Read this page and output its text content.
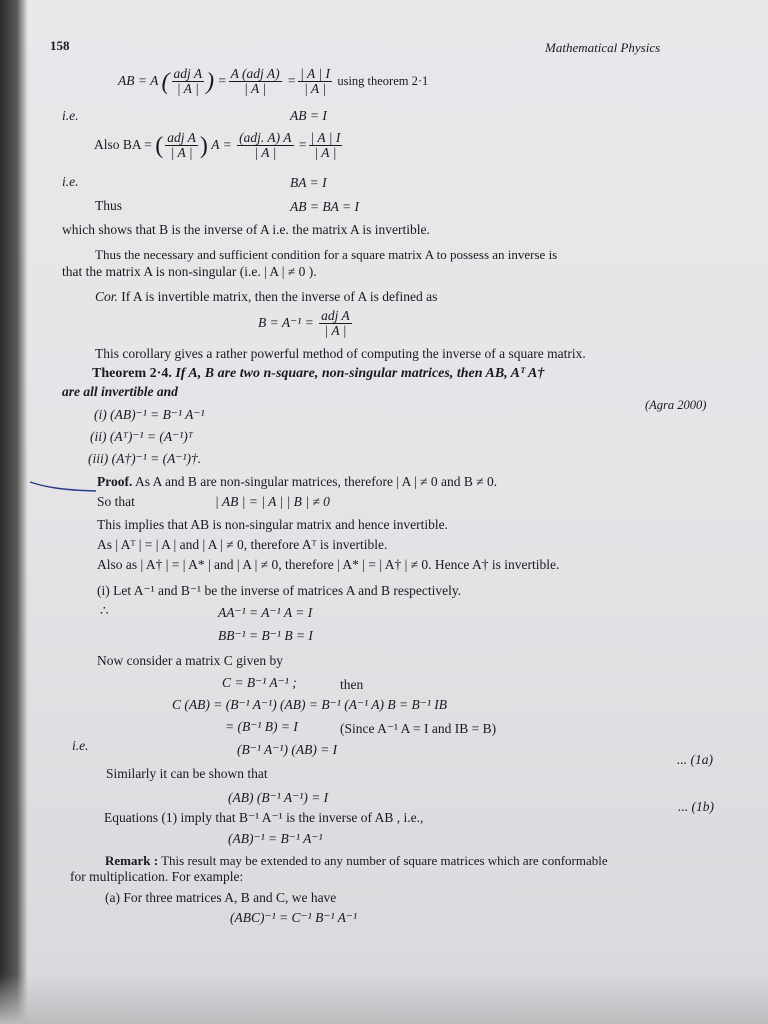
158	Mathematical Physics
AB = A ( $\frac{\text{adj A}}{| A |}$ ) = $\frac{\text{A (adj A)}}{| A |} = \frac{| A | I}{| A |}$ using theorem 2·1
i.e.	AB = I
Also BA = ( $\frac{\text{adj A}}{| A |}$ ) $A = \frac{\text{(adj. A) A}}{| A |} = \frac{| A | I}{| A |}$
i.e.	BA = I
Thus	AB = BA = I
which shows that B is the inverse of A i.e. the matrix A is invertible.
Thus the necessary and sufficient condition for a square matrix A to possess an inverse is
that the matrix A is non-singular (i.e. | A | ≠ 0 ).
Cor. If A is invertible matrix, then the inverse of A is defined as
$B = A^{-1} = \frac{\text{adj A}}{| A |}$
This corollary gives a rather powerful method of computing the inverse of a square matrix.
Theorem 2·4. If A, B are two n-square, non-singular matrices, then AB, Aᵀ A†
are all invertible and
(Agra 2000)
(i) (AB)⁻¹ = B⁻¹ A⁻¹
(ii) (Aᵀ)⁻¹ = (A⁻¹)ᵀ
(iii) (A†)⁻¹ = (A⁻¹)†.
Proof. As A and B are non-singular matrices, therefore | A | ≠ 0 and B ≠ 0.
So that	| AB | = | A | | B | ≠ 0
This implies that AB is non-singular matrix and hence invertible.
As | Aᵀ | = | A | and | A | ≠ 0, therefore Aᵀ is invertible.
Also as | A† | = | A* | and | A | ≠ 0, therefore | A* | = | A† | ≠ 0. Hence A† is invertible.
(i) Let A⁻¹ and B⁻¹ be the inverse of matrices A and B respectively.
∴	AA⁻¹ = A⁻¹ A = I
BB⁻¹ = B⁻¹ B = I
Now consider a matrix C given by
C = B⁻¹ A⁻¹ ;	then
C (AB) = (B⁻¹ A⁻¹) (AB) = B⁻¹ (A⁻¹ A) B = B⁻¹ IB
= (B⁻¹ B) = I	(Since A⁻¹ A = I and IB = B)
i.e.	(B⁻¹ A⁻¹) (AB) = I
... (1a)
Similarly it can be shown that
(AB) (B⁻¹ A⁻¹) = I
... (1b)
Equations (1) imply that B⁻¹ A⁻¹ is the inverse of AB , i.e.,
(AB)⁻¹ = B⁻¹ A⁻¹
Remark : This result may be extended to any number of square matrices which are conformable
for multiplication. For example:
(a) For three matrices A, B and C, we have
(ABC)⁻¹ = C⁻¹ B⁻¹ A⁻¹
